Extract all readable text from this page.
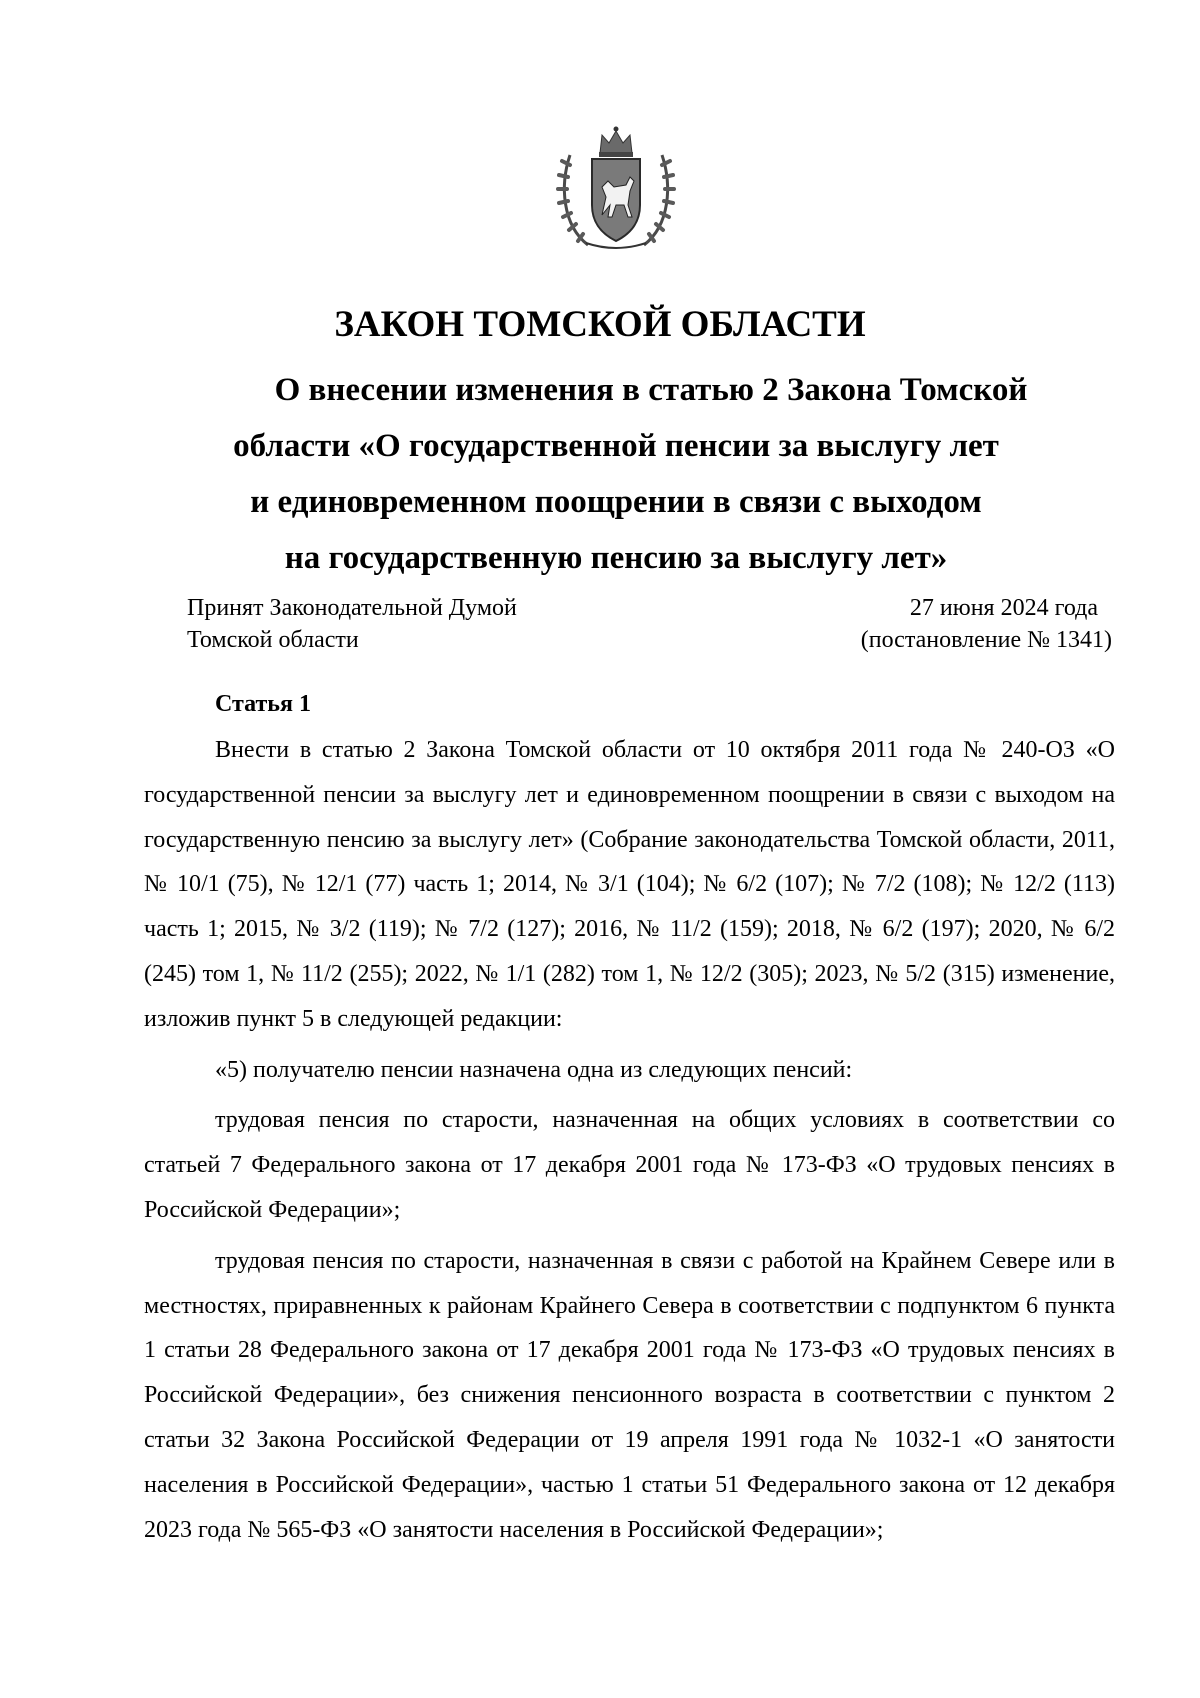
ЗАКОН ТОМСКОЙ ОБЛАСТИ
О внесении изменения в статью 2 Закона Томской
области «О государственной пенсии за выслугу лет
и единовременном поощрении в связи с выходом
на государственную пенсию за выслугу лет»
Принят Законодательной Думой
Томской области
27 июня 2024 года
(постановление № 1341)
Статья 1

Внести в статью 2 Закона Томской области от 10 октября 2011 года № 240-ОЗ «О государственной пенсии за выслугу лет и единовременном поощрении в связи с выходом на государственную пенсию за выслугу лет» (Собрание законодательства Томской области, 2011, № 10/1 (75), № 12/1 (77) часть 1; 2014, № 3/1 (104); № 6/2 (107); № 7/2 (108); № 12/2 (113) часть 1; 2015, № 3/2 (119); № 7/2 (127); 2016, № 11/2 (159); 2018, № 6/2 (197); 2020, № 6/2 (245) том 1, № 11/2 (255); 2022, № 1/1 (282) том 1, № 12/2 (305); 2023, № 5/2 (315) изменение, изложив пункт 5 в следующей редакции:

«5) получателю пенсии назначена одна из следующих пенсий:

трудовая пенсия по старости, назначенная на общих условиях в соответствии со статьей 7 Федерального закона от 17 декабря 2001 года № 173-ФЗ «О трудовых пенсиях в Российской Федерации»;

трудовая пенсия по старости, назначенная в связи с работой на Крайнем Севере или в местностях, приравненных к районам Крайнего Севера в соответствии с подпунктом 6 пункта 1 статьи 28 Федерального закона от 17 декабря 2001 года № 173-ФЗ «О трудовых пенсиях в Российской Федерации», без снижения пенсионного возраста в соответствии с пунктом 2 статьи 32 Закона Российской Федерации от 19 апреля 1991 года № 1032-1 «О занятости населения в Российской Федерации», частью 1 статьи 51 Федерального закона от 12 декабря 2023 года № 565-ФЗ «О занятости населения в Российской Федерации»;
